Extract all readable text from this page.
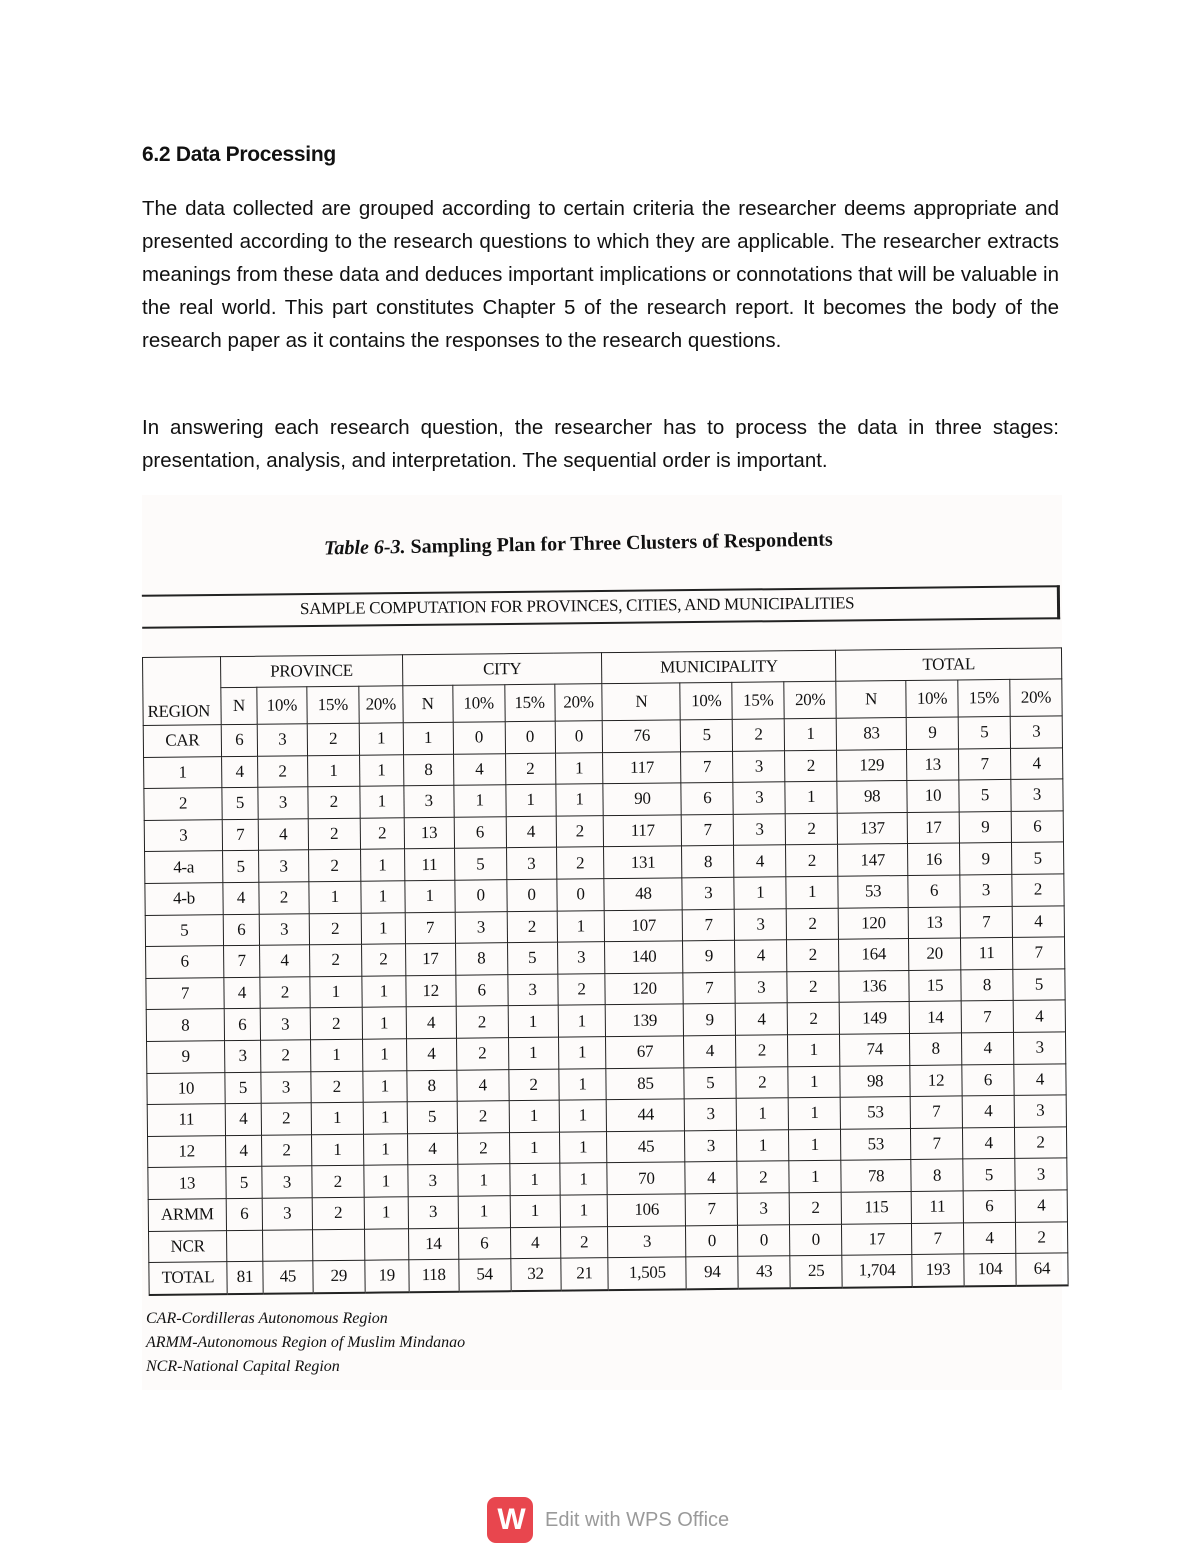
6.2 Data Processing

The data collected are grouped according to certain criteria the researcher deems appropriate and presented according to the research questions to which they are applicable. The researcher extracts meanings from these data and deduces important implications or connotations that will be valuable in the real world. This part constitutes Chapter 5 of the research report. It becomes the body of the research paper as it contains the responses to the research questions.

In answering each research question, the researcher has to process the data in three stages: presentation, analysis, and interpretation. The sequential order is important.

Table 6-3. Sampling Plan for Three Clusters of Respondents
SAMPLE COMPUTATION FOR PROVINCES, CITIES, AND MUNICIPALITIES
REGION	PROVINCE				CITY				MUNICIPALITY				TOTAL			
	N	10%	15%	20%	N	10%	15%	20%	N	10%	15%	20%	N	10%	15%	20%
CAR	6	3	2	1	1	0	0	0	76	5	2	1	83	9	5	3
1	4	2	1	1	8	4	2	1	117	7	3	2	129	13	7	4
2	5	3	2	1	3	1	1	1	90	6	3	1	98	10	5	3
3	7	4	2	2	13	6	4	2	117	7	3	2	137	17	9	6
4-a	5	3	2	1	11	5	3	2	131	8	4	2	147	16	9	5
4-b	4	2	1	1	1	0	0	0	48	3	1	1	53	6	3	2
5	6	3	2	1	7	3	2	1	107	7	3	2	120	13	7	4
6	7	4	2	2	17	8	5	3	140	9	4	2	164	20	11	7
7	4	2	1	1	12	6	3	2	120	7	3	2	136	15	8	5
8	6	3	2	1	4	2	1	1	139	9	4	2	149	14	7	4
9	3	2	1	1	4	2	1	1	67	4	2	1	74	8	4	3
10	5	3	2	1	8	4	2	1	85	5	2	1	98	12	6	4
11	4	2	1	1	5	2	1	1	44	3	1	1	53	7	4	3
12	4	2	1	1	4	2	1	1	45	3	1	1	53	7	4	2
13	5	3	2	1	3	1	1	1	70	4	2	1	78	8	5	3
ARMM	6	3	2	1	3	1	1	1	106	7	3	2	115	11	6	4
NCR					14	6	4	2	3	0	0	0	17	7	4	2
TOTAL	81	45	29	19	118	54	32	21	1,505	94	43	25	1,704	193	104	64
CAR-Cordilleras Autonomous Region
ARMM-Autonomous Region of Muslim Mindanao
NCR-National Capital Region
W	Edit with WPS Office
